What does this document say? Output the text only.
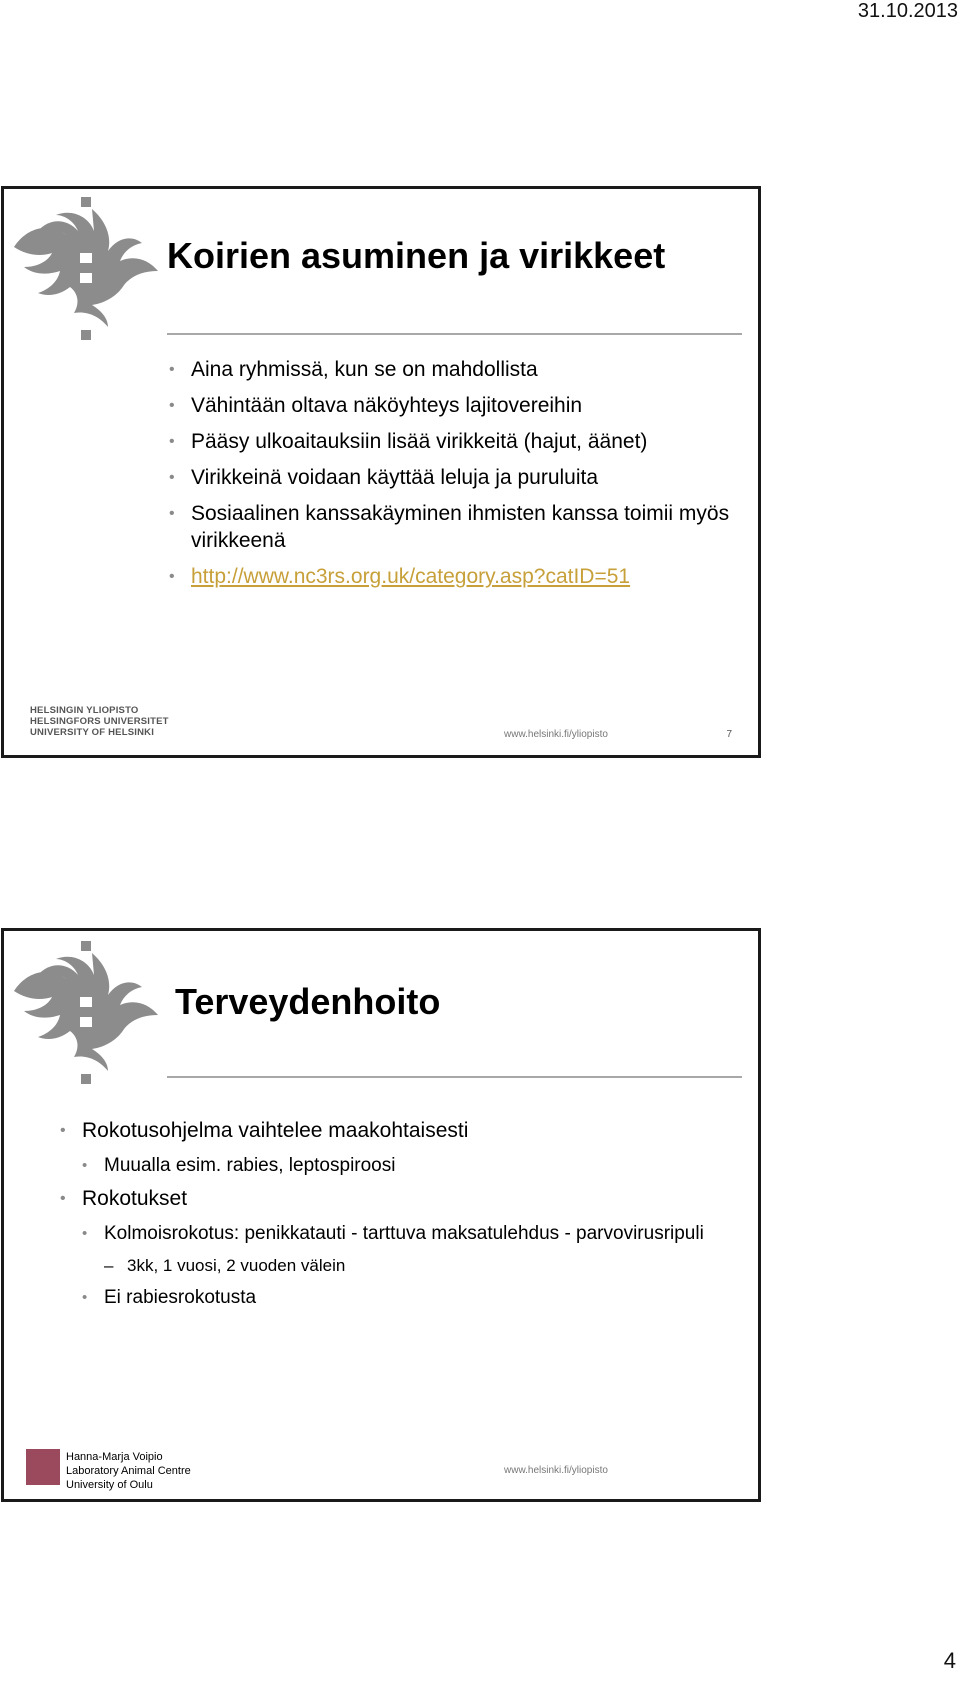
31.10.2013
Koirien asuminen ja virikkeet
• Aina ryhmissä, kun se on mahdollista
• Vähintään oltava näköyhteys lajitovereihin
• Pääsy ulkoaitauksiin lisää virikkeitä (hajut, äänet)
• Virikkeinä voidaan käyttää leluja ja puruluita
• Sosiaalinen kanssakäyminen ihmisten kanssa toimii myös virikkeenä
• http://www.nc3rs.org.uk/category.asp?catID=51
HELSINGIN YLIOPISTO
HELSINGFORS UNIVERSITET
UNIVERSITY OF HELSINKI	www.helsinki.fi/yliopisto	7
Terveydenhoito
• Rokotusohjelma vaihtelee maakohtaisesti
• Muualla esim. rabies, leptospiroosi
• Rokotukset
• Kolmoisrokotus: penikkatauti - tarttuva maksatulehdus - parvovirusripuli
– 3kk, 1 vuosi, 2 vuoden välein
• Ei rabiesrokotusta
Hanna-Marja Voipio
Laboratory Animal Centre
University of Oulu
www.helsinki.fi/yliopisto
4
